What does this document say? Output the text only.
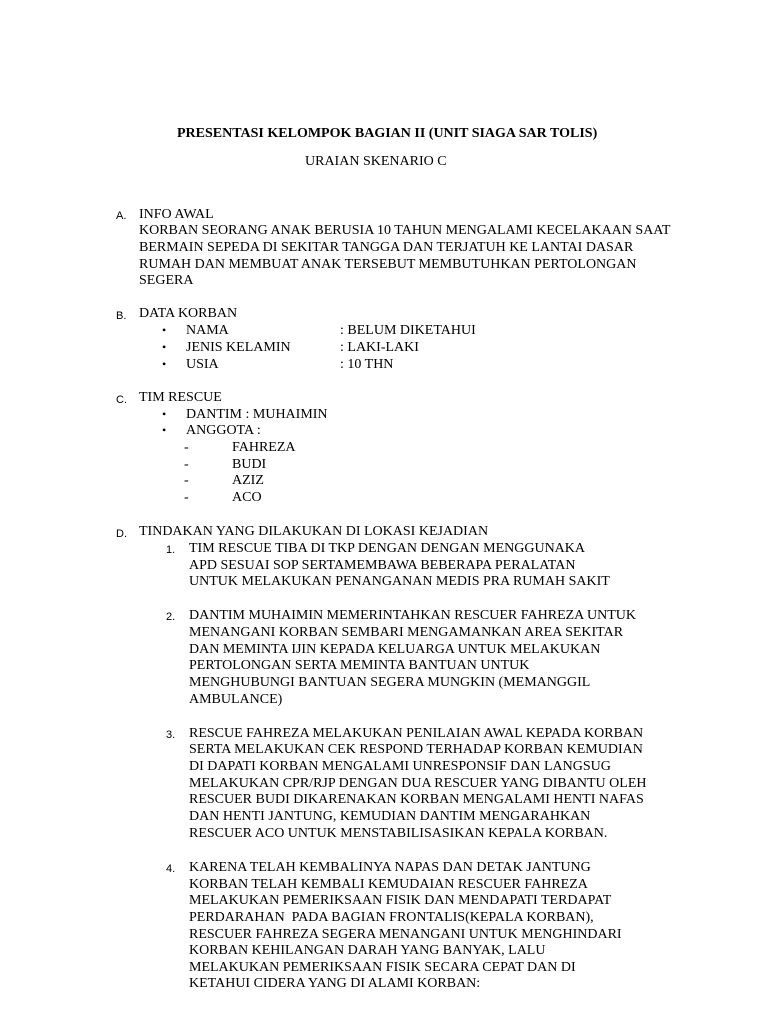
PRESENTASI KELOMPOK BAGIAN II (UNIT SIAGA SAR TOLIS)
URAIAN SKENARIO C
A. INFO AWAL
KORBAN SEORANG ANAK BERUSIA 10 TAHUN MENGALAMI KECELAKAAN SAAT
BERMAIN SEPEDA DI SEKITAR TANGGA DAN TERJATUH KE LANTAI DASAR
RUMAH DAN MEMBUAT ANAK TERSEBUT MEMBUTUHKAN PERTOLONGAN
SEGERA
B. DATA KORBAN
• NAMA	: BELUM DIKETAHUI
• JENIS KELAMIN	: LAKI-LAKI
• USIA	: 10 THN
C. TIM RESCUE
• DANTIM : MUHAIMIN
• ANGGOTA :
-	FAHREZA
-	BUDI
-	AZIZ
-	ACO
D. TINDAKAN YANG DILAKUKAN DI LOKASI KEJADIAN
1. TIM RESCUE TIBA DI TKP DENGAN DENGAN MENGGUNAKA
APD SESUAI SOP SERTAMEMBAWA BEBERAPA PERALATAN
UNTUK MELAKUKAN PENANGANAN MEDIS PRA RUMAH SAKIT
2. DANTIM MUHAIMIN MEMERINTAHKAN RESCUER FAHREZA UNTUK
MENANGANI KORBAN SEMBARI MENGAMANKAN AREA SEKITAR
DAN MEMINTA IJIN KEPADA KELUARGA UNTUK MELAKUKAN
PERTOLONGAN SERTA MEMINTA BANTUAN UNTUK
MENGHUBUNGI BANTUAN SEGERA MUNGKIN (MEMANGGIL
AMBULANCE)
3. RESCUE FAHREZA MELAKUKAN PENILAIAN AWAL KEPADA KORBAN
SERTA MELAKUKAN CEK RESPOND TERHADAP KORBAN KEMUDIAN
DI DAPATI KORBAN MENGALAMI UNRESPONSIF DAN LANGSUG
MELAKUKAN CPR/RJP DENGAN DUA RESCUER YANG DIBANTU OLEH
RESCUER BUDI DIKARENAKAN KORBAN MENGALAMI HENTI NAFAS
DAN HENTI JANTUNG, KEMUDIAN DANTIM MENGARAHKAN
RESCUER ACO UNTUK MENSTABILISASIKAN KEPALA KORBAN.
4. KARENA TELAH KEMBALINYA NAPAS DAN DETAK JANTUNG
KORBAN TELAH KEMBALI KEMUDAIAN RESCUER FAHREZA
MELAKUKAN PEMERIKSAAN FISIK DAN MENDAPATI TERDAPAT
PERDARAHAN  PADA BAGIAN FRONTALIS(KEPALA KORBAN),
RESCUER FAHREZA SEGERA MENANGANI UNTUK MENGHINDARI
KORBAN KEHILANGAN DARAH YANG BANYAK, LALU
MELAKUKAN PEMERIKSAAN FISIK SECARA CEPAT DAN DI
KETAHUI CIDERA YANG DI ALAMI KORBAN:
